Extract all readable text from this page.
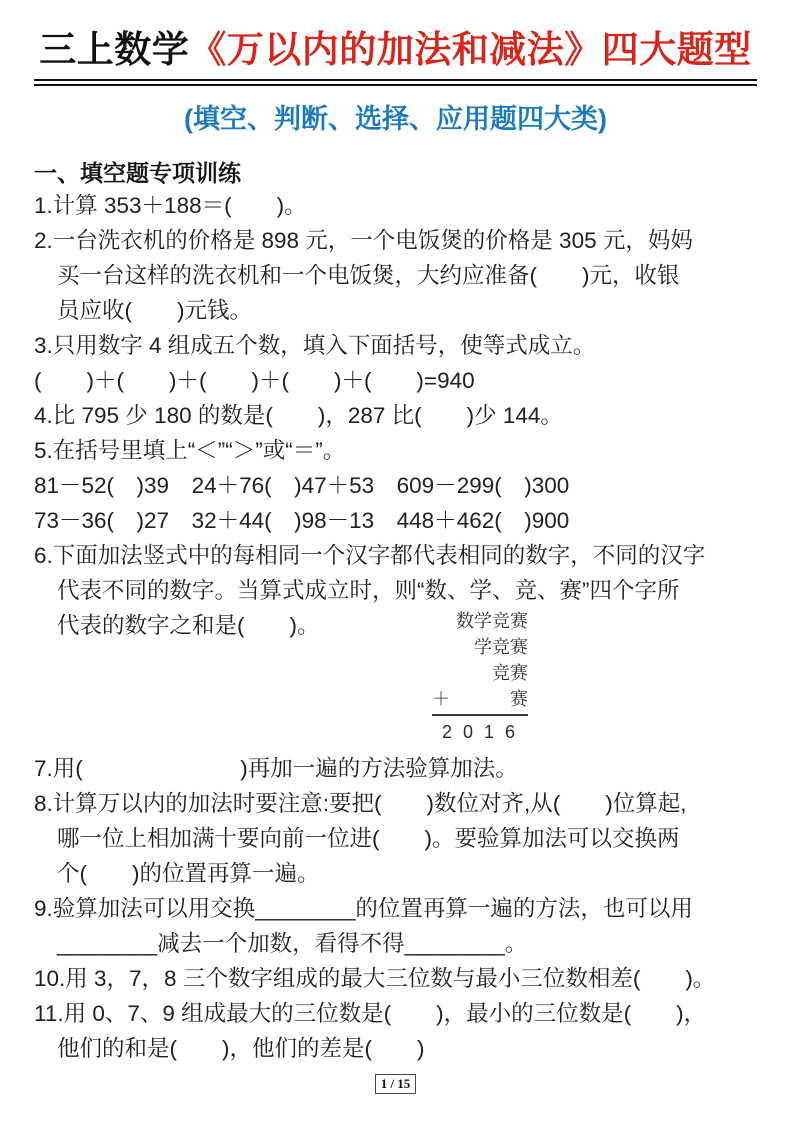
三上数学《万以内的加法和减法》四大题型
(填空、判断、选择、应用题四大类)
一、填空题专项训练
1.计算 353＋188＝(　　)。
2.一台洗衣机的价格是 898 元，一个电饭煲的价格是 305 元，妈妈
买一台这样的洗衣机和一个电饭煲，大约应准备(　　)元，收银
员应收(　　)元钱。
3.只用数字 4 组成五个数，填入下面括号，使等式成立。
(　　)＋(　　)＋(　　)＋(　　)＋(　　)=940
4.比 795 少 180 的数是(　　)，287 比(　　)少 144。
5.在括号里填上“＜”“＞”或“＝”。
81－52(　)39　24＋76(　)47＋53　609－299(　)300
73－36(　)27　32＋44(　)98－13　448＋462(　)900
6.下面加法竖式中的每相同一个汉字都代表相同的数字，不同的汉字
代表不同的数字。当算式成立时，则“数、学、竞、赛”四个字所
代表的数字之和是(　　)。	数学竞赛
学竞赛
竞赛
＋	赛
2 0 1 6
7.用(　　　　　　　)再加一遍的方法验算加法。
8.计算万以内的加法时要注意:要把(　　)数位对齐,从(　　)位算起,
哪一位上相加满十要向前一位进(　　)。要验算加法可以交换两
个(　　)的位置再算一遍。
9.验算加法可以用交换________的位置再算一遍的方法，也可以用
________减去一个加数，看得不得________。
10.用 3，7，8 三个数字组成的最大三位数与最小三位数相差(　　)。
11.用 0、7、9 组成最大的三位数是(　　)，最小的三位数是(　　)，
他们的和是(　　)，他们的差是(　　)
1 / 15
